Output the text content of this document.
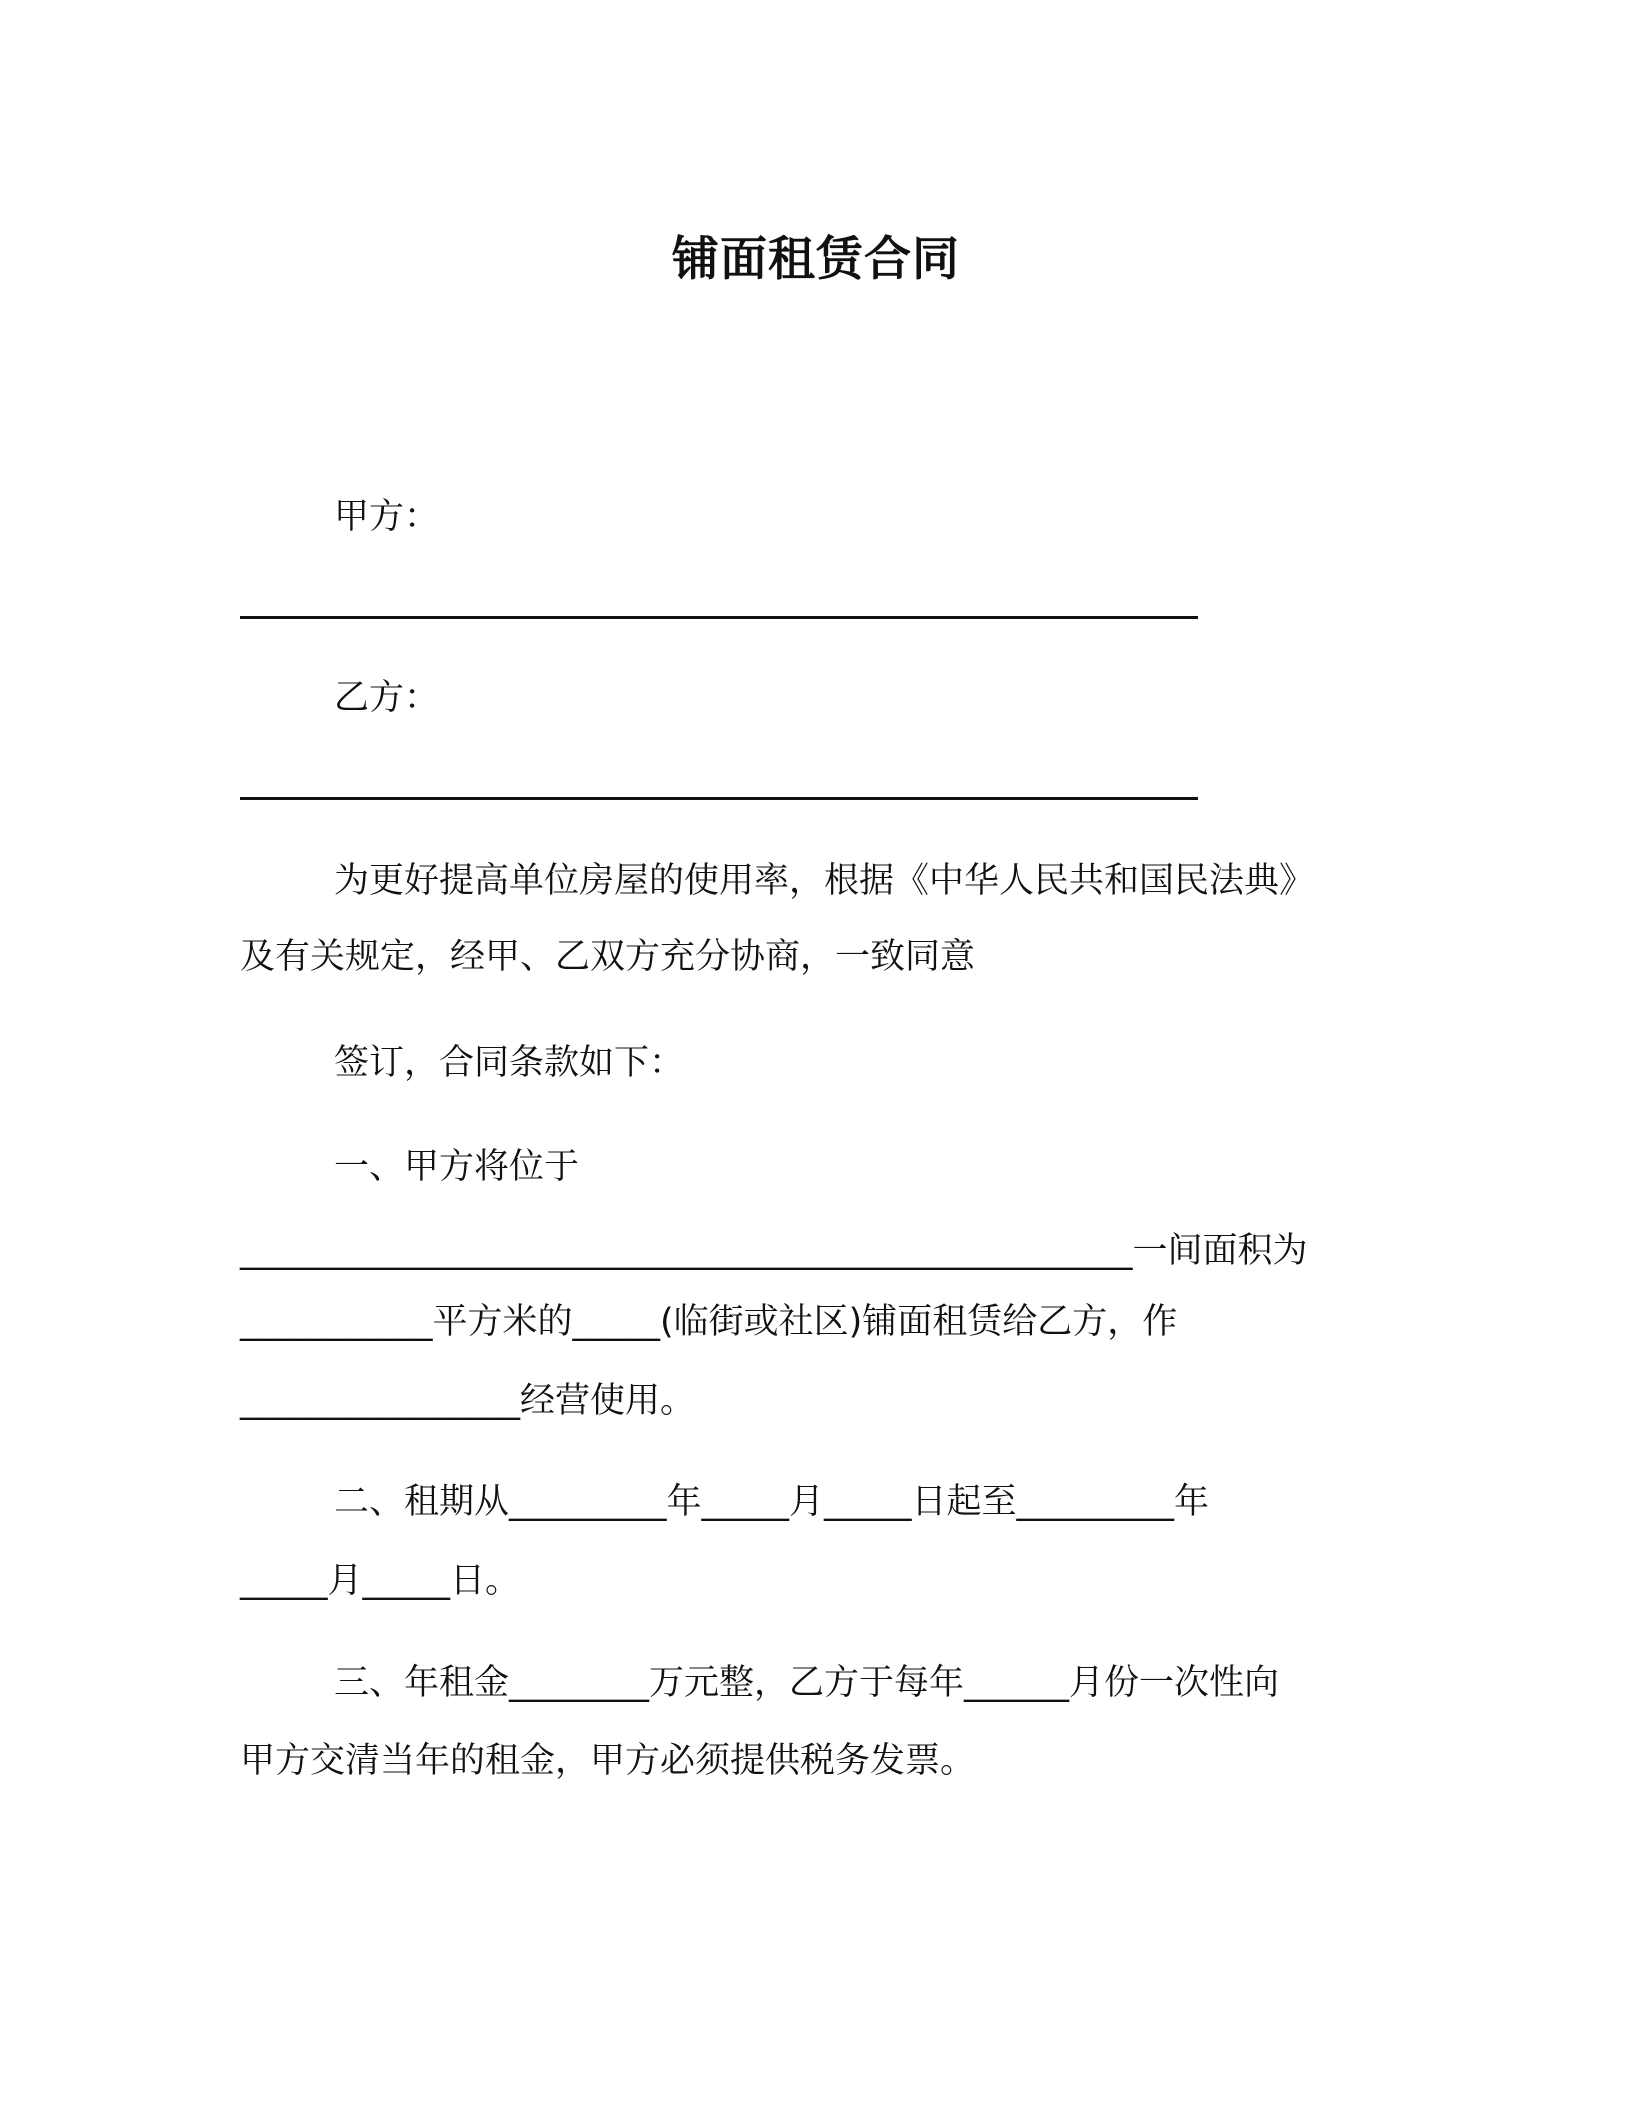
铺面租赁合同
甲方：
乙方：
为更好提高单位房屋的使用率，根据《中华人民共和国民法典》
及有关规定，经甲、乙双方充分协商，一致同意
签订，合同条款如下：
一、甲方将位于
___________________________________________________一间面积为
___________平方米的_____(临街或社区)铺面租赁给乙方，作
________________经营使用。
二、租期从_________年_____月_____日起至_________年
_____月_____日。
三、年租金________万元整，乙方于每年______月份一次性向
甲方交清当年的租金，甲方必须提供税务发票。
